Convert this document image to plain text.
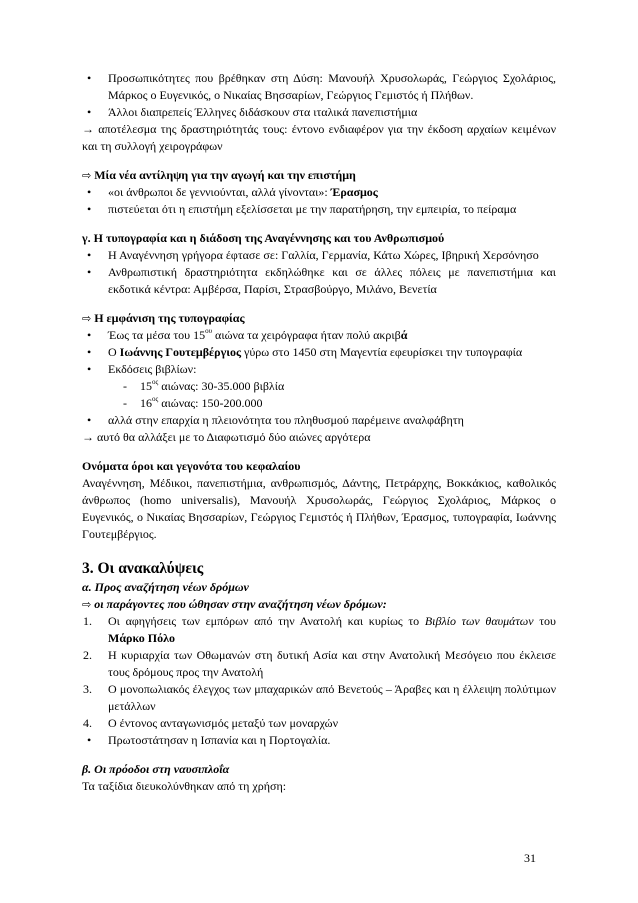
• Προσωπικότητες που βρέθηκαν στη Δύση: Μανουήλ Χρυσολωράς, Γεώργιος Σχολάριος, Μάρκος ο Ευγενικός, ο Νικαίας Βησσαρίων, Γεώργιος Γεμιστός ή Πλήθων.
• Άλλοι διαπρεπείς Έλληνες διδάσκουν στα ιταλικά πανεπιστήμια

→ αποτέλεσμα της δραστηριότητάς τους: έντονο ενδιαφέρον για την έκδοση αρχαίων κειμένων και τη συλλογή χειρογράφων

⇨ Μία νέα αντίληψη για την αγωγή και την επιστήμη

• «οι άνθρωποι δε γεννιούνται, αλλά γίνονται»: Έρασμος
• πιστεύεται ότι η επιστήμη εξελίσσεται με την παρατήρηση, την εμπειρία, το πείραμα

γ. Η τυπογραφία και η διάδοση της Αναγέννησης και του Ανθρωπισμού

• Η Αναγέννηση γρήγορα έφτασε σε: Γαλλία, Γερμανία, Κάτω Χώρες, Ιβηρική Χερσόνησο
• Ανθρωπιστική δραστηριότητα εκδηλώθηκε και σε άλλες πόλεις με πανεπιστήμια και εκδοτικά κέντρα: Αμβέρσα, Παρίσι, Στρασβούργο, Μιλάνο, Βενετία

⇨ Η εμφάνιση της τυπογραφίας

• Έως τα μέσα του $15^{o\upsilon}$ αιώνα τα χειρόγραφα ήταν πολύ ακριβά
• Ο Ιωάννης Γουτεμβέργιος γύρω στο 1450 στη Μαγεντία εφευρίσκει την τυπογραφία
• Εκδόσεις βιβλίων:
- $15^{o\varsigma}$ αιώνας: 30-35.000 βιβλία
- $16^{o\varsigma}$ αιώνας: 150-200.000
• αλλά στην επαρχία η πλειονότητα του πληθυσμού παρέμεινε αναλφάβητη

→ αυτό θα αλλάξει με το Διαφωτισμό δύο αιώνες αργότερα

Ονόματα όροι και γεγονότα του κεφαλαίου

Αναγέννηση, Μέδικοι, πανεπιστήμια, ανθρωπισμός, Δάντης, Πετράρχης, Βοκκάκιος, καθολικός άνθρωπος (homo universalis), Μανουήλ Χρυσολωράς, Γεώργιος Σχολάριος, Μάρκος ο Ευγενικός, ο Νικαίας Βησσαρίων, Γεώργιος Γεμιστός ή Πλήθων, Έρασμος, τυπογραφία, Ιωάννης Γουτεμβέργιος.

3. Οι ανακαλύψεις

α. Προς αναζήτηση νέων δρόμων

⇨ οι παράγοντες που ώθησαν στην αναζήτηση νέων δρόμων:

1. Οι αφηγήσεις των εμπόρων από την Ανατολή και κυρίως το Βιβλίο των θαυμάτων του Μάρκο Πόλο
2. Η κυριαρχία των Οθωμανών στη δυτική Ασία και στην Ανατολική Μεσόγειο που έκλεισε τους δρόμους προς την Ανατολή
3. Ο μονοπωλιακός έλεγχος των μπαχαρικών από Βενετούς – Άραβες και η έλλειψη πολύτιμων μετάλλων
4. Ο έντονος ανταγωνισμός μεταξύ των μοναρχών
• Πρωτοστάτησαν η Ισπανία και η Πορτογαλία.

β. Οι πρόοδοι στη ναυσιπλοΐα

Τα ταξίδια διευκολύνθηκαν από τη χρήση:

31
